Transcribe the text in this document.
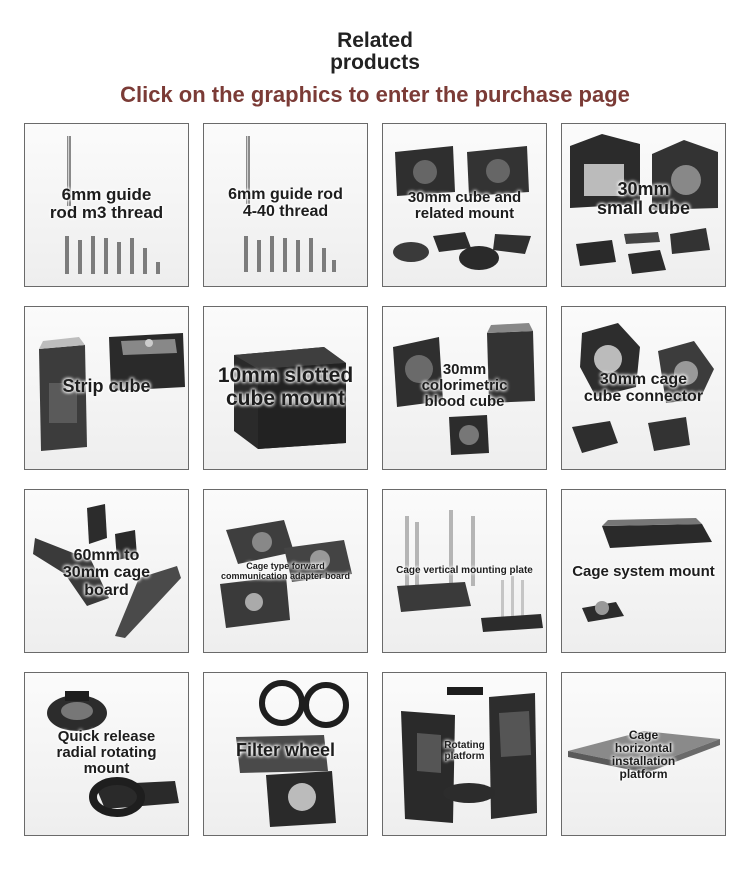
Related
products
Click on the graphics to enter the purchase page
6mm guide
rod m3 thread
6mm guide rod
4-40 thread
30mm cube and
related mount
30mm
small cube
Strip cube	10mm slotted
cube mount
30mm
colorimetric
blood cube
30mm cage
cube connector
60mm to
30mm cage
board
Cage type forward
communication adapter board	Cage vertical mounting plate	Cage system mount
Quick release
radial rotating
mount
Filter wheel	Rotating
platform
Cage
horizontal
installation
platform
